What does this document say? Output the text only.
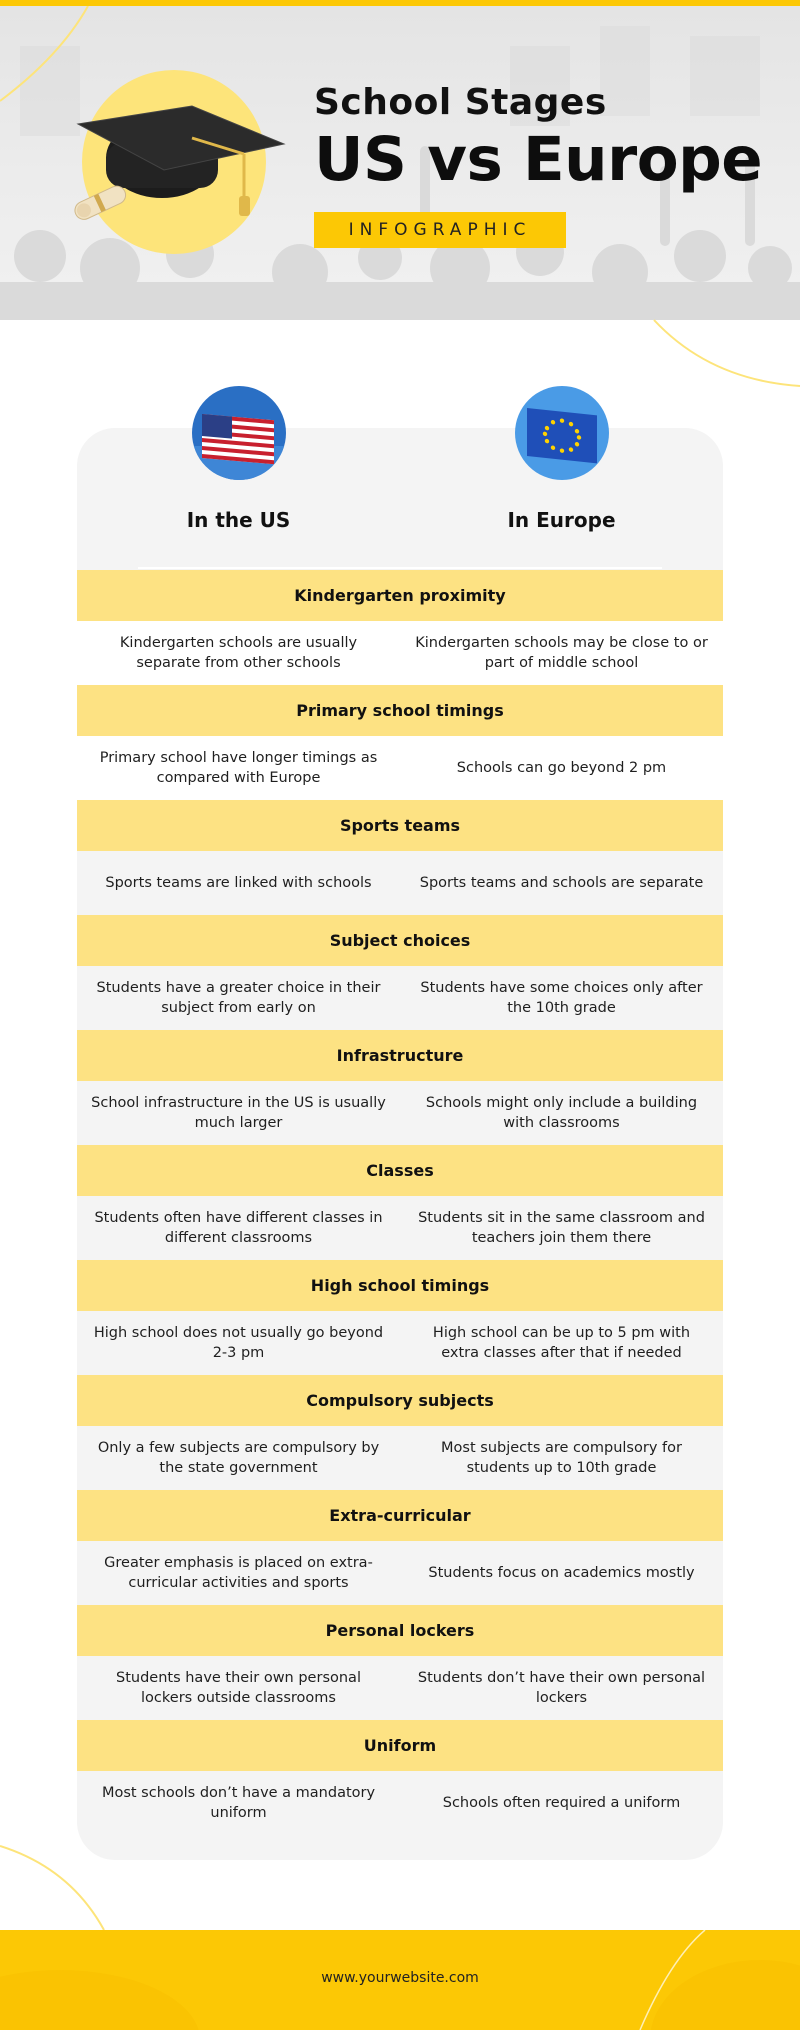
School Stages
US vs Europe
INFOGRAPHIC
In the US	In Europe
Kindergarten proximity
Kindergarten schools are usually separate from other schools
Kindergarten schools may be close to or part of middle school
Primary school timings
Primary school have longer timings as compared with Europe
Schools can go beyond 2 pm
Sports teams
Sports teams are linked with schools	Sports teams and schools are separate
Subject choices
Students have a greater choice in their subject from early on
Students have some choices only after the 10th grade
Infrastructure
School infrastructure in the US is usually much larger
Schools might only include a building with classrooms
Classes
Students often have different classes in different classrooms
Students sit in the same classroom and teachers join them there
High school timings
High school does not usually go beyond 2-3 pm
High school can be up to 5 pm with extra classes after that if needed
Compulsory subjects
Only a few subjects are compulsory by the state government
Most subjects are compulsory for students up to 10th grade
Extra-curricular
Greater emphasis is placed on extra-curricular activities and sports
Students focus on academics mostly
Personal lockers
Students have their own personal lockers outside classrooms
Students don’t have their own personal lockers
Uniform
Most schools don’t have a mandatory uniform
Schools often required a uniform
www.yourwebsite.com
